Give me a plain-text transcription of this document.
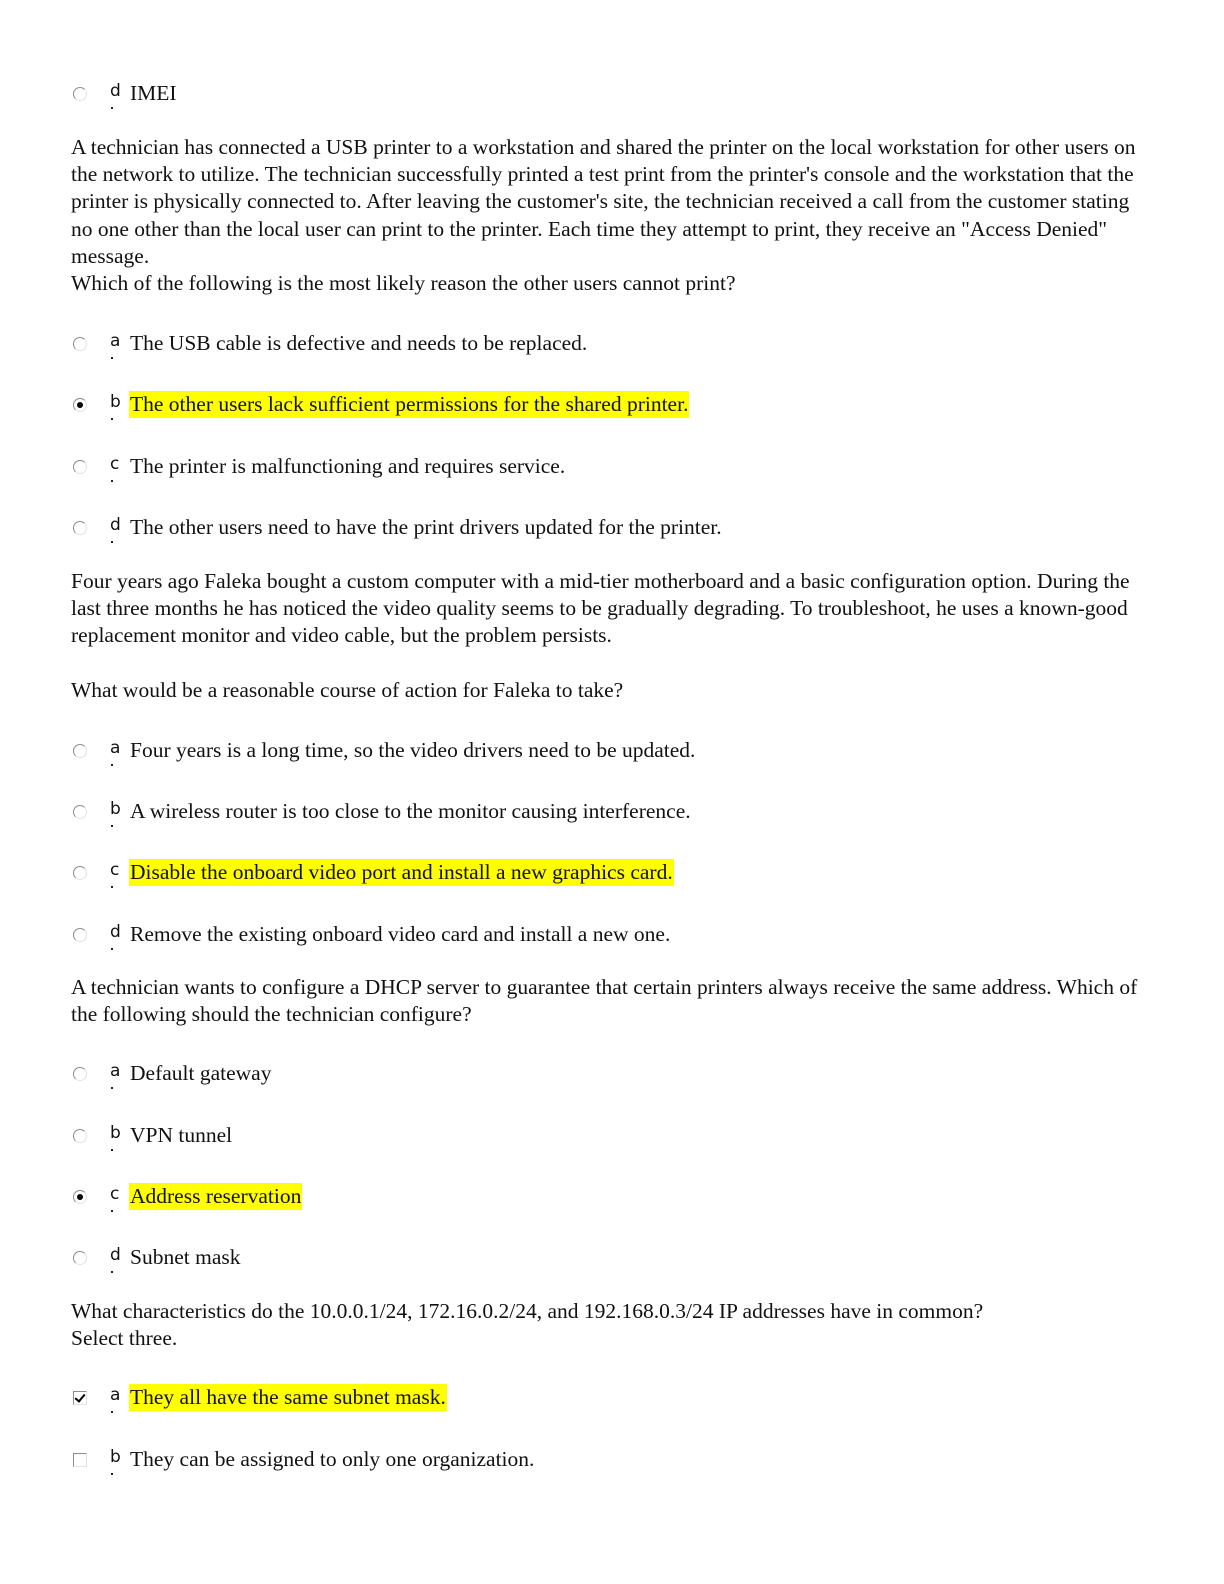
d IMEI

A technician has connected a USB printer to a workstation and shared the printer on the local workstation for other users on the network to utilize. The technician successfully printed a test print from the printer's console and the workstation that the printer is physically connected to. After leaving the customer's site, the technician received a call from the customer stating no one other than the local user can print to the printer. Each time they attempt to print, they receive an "Access Denied" message.

Which of the following is the most likely reason the other users cannot print?

a The USB cable is defective and needs to be replaced.
b The other users lack sufficient permissions for the shared printer.
c The printer is malfunctioning and requires service.
d The other users need to have the print drivers updated for the printer.

Four years ago Faleka bought a custom computer with a mid-tier motherboard and a basic configuration option. During the last three months he has noticed the video quality seems to be gradually degrading. To troubleshoot, he uses a known-good replacement monitor and video cable, but the problem persists.

What would be a reasonable course of action for Faleka to take?

a Four years is a long time, so the video drivers need to be updated.
b A wireless router is too close to the monitor causing interference.
c Disable the onboard video port and install a new graphics card.
d Remove the existing onboard video card and install a new one.

A technician wants to configure a DHCP server to guarantee that certain printers always receive the same address. Which of the following should the technician configure?

a Default gateway
b VPN tunnel
c Address reservation
d Subnet mask

What characteristics do the 10.0.0.1/24, 172.16.0.2/24, and 192.168.0.3/24 IP addresses have in common?

Select three.

a They all have the same subnet mask.
b They can be assigned to only one organization.
